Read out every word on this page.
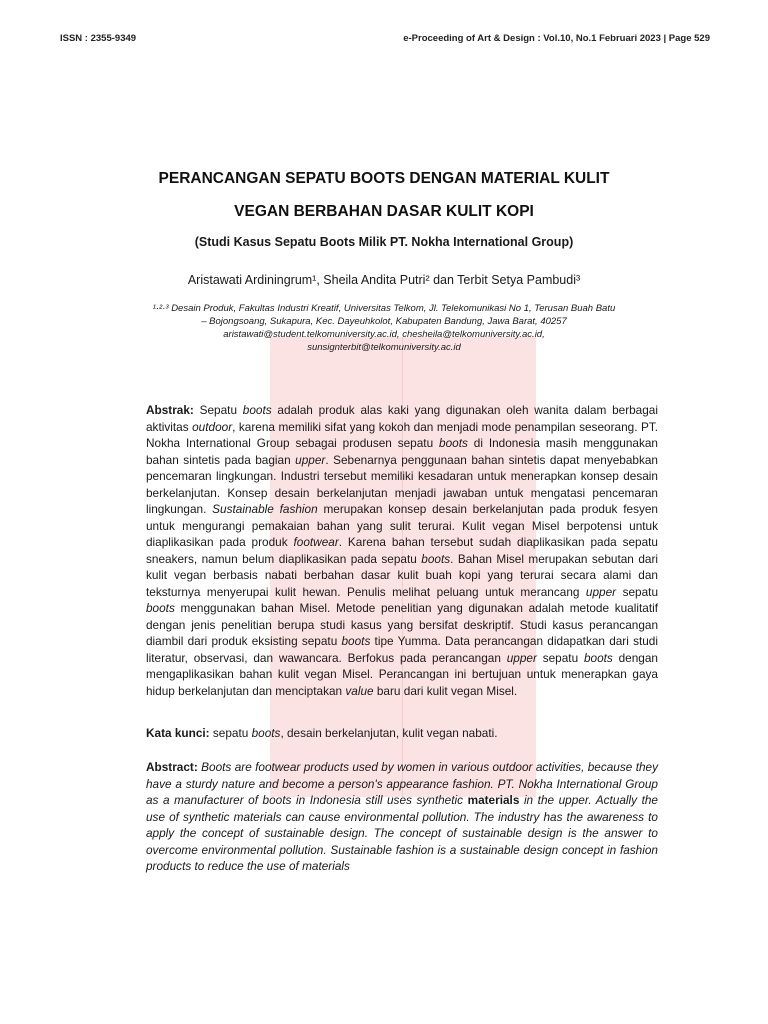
ISSN : 2355-9349	e-Proceeding of Art & Design : Vol.10, No.1 Februari 2023 | Page 529
PERANCANGAN SEPATU BOOTS DENGAN MATERIAL KULIT
VEGAN BERBAHAN DASAR KULIT KOPI
(Studi Kasus Sepatu Boots Milik PT. Nokha International Group)
Aristawati Ardiningrum¹, Sheila Andita Putri² dan Terbit Setya Pambudi³
¹·²·³ Desain Produk, Fakultas Industri Kreatif, Universitas Telkom, Jl. Telekomunikasi No 1, Terusan Buah Batu
– Bojongsoang, Sukapura, Kec. Dayeuhkolot, Kabupaten Bandung, Jawa Barat, 40257
aristawati@student.telkomuniversity.ac.id, chesheila@telkomuniversity.ac.id,
sunsignterbit@telkomuniversity.ac.id

Abstrak: Sepatu boots adalah produk alas kaki yang digunakan oleh wanita dalam berbagai aktivitas outdoor, karena memiliki sifat yang kokoh dan menjadi mode penampilan seseorang. PT. Nokha International Group sebagai produsen sepatu boots di Indonesia masih menggunakan bahan sintetis pada bagian upper. Sebenarnya penggunaan bahan sintetis dapat menyebabkan pencemaran lingkungan. Industri tersebut memiliki kesadaran untuk menerapkan konsep desain berkelanjutan. Konsep desain berkelanjutan menjadi jawaban untuk mengatasi pencemaran lingkungan. Sustainable fashion merupakan konsep desain berkelanjutan pada produk fesyen untuk mengurangi pemakaian bahan yang sulit terurai. Kulit vegan Misel berpotensi untuk diaplikasikan pada produk footwear. Karena bahan tersebut sudah diaplikasikan pada sepatu sneakers, namun belum diaplikasikan pada sepatu boots. Bahan Misel merupakan sebutan dari kulit vegan berbasis nabati berbahan dasar kulit buah kopi yang terurai secara alami dan teksturnya menyerupai kulit hewan. Penulis melihat peluang untuk merancang upper sepatu boots menggunakan bahan Misel. Metode penelitian yang digunakan adalah metode kualitatif dengan jenis penelitian berupa studi kasus yang bersifat deskriptif. Studi kasus perancangan diambil dari produk eksisting sepatu boots tipe Yumma. Data perancangan didapatkan dari studi literatur, observasi, dan wawancara. Berfokus pada perancangan upper sepatu boots dengan mengaplikasikan bahan kulit vegan Misel. Perancangan ini bertujuan untuk menerapkan gaya hidup berkelanjutan dan menciptakan value baru dari kulit vegan Misel.

Kata kunci: sepatu boots, desain berkelanjutan, kulit vegan nabati.

Abstract: Boots are footwear products used by women in various outdoor activities, because they have a sturdy nature and become a person's appearance fashion. PT. Nokha International Group as a manufacturer of boots in Indonesia still uses synthetic materials in the upper. Actually the use of synthetic materials can cause environmental pollution. The industry has the awareness to apply the concept of sustainable design. The concept of sustainable design is the answer to overcome environmental pollution. Sustainable fashion is a sustainable design concept in fashion products to reduce the use of materials
